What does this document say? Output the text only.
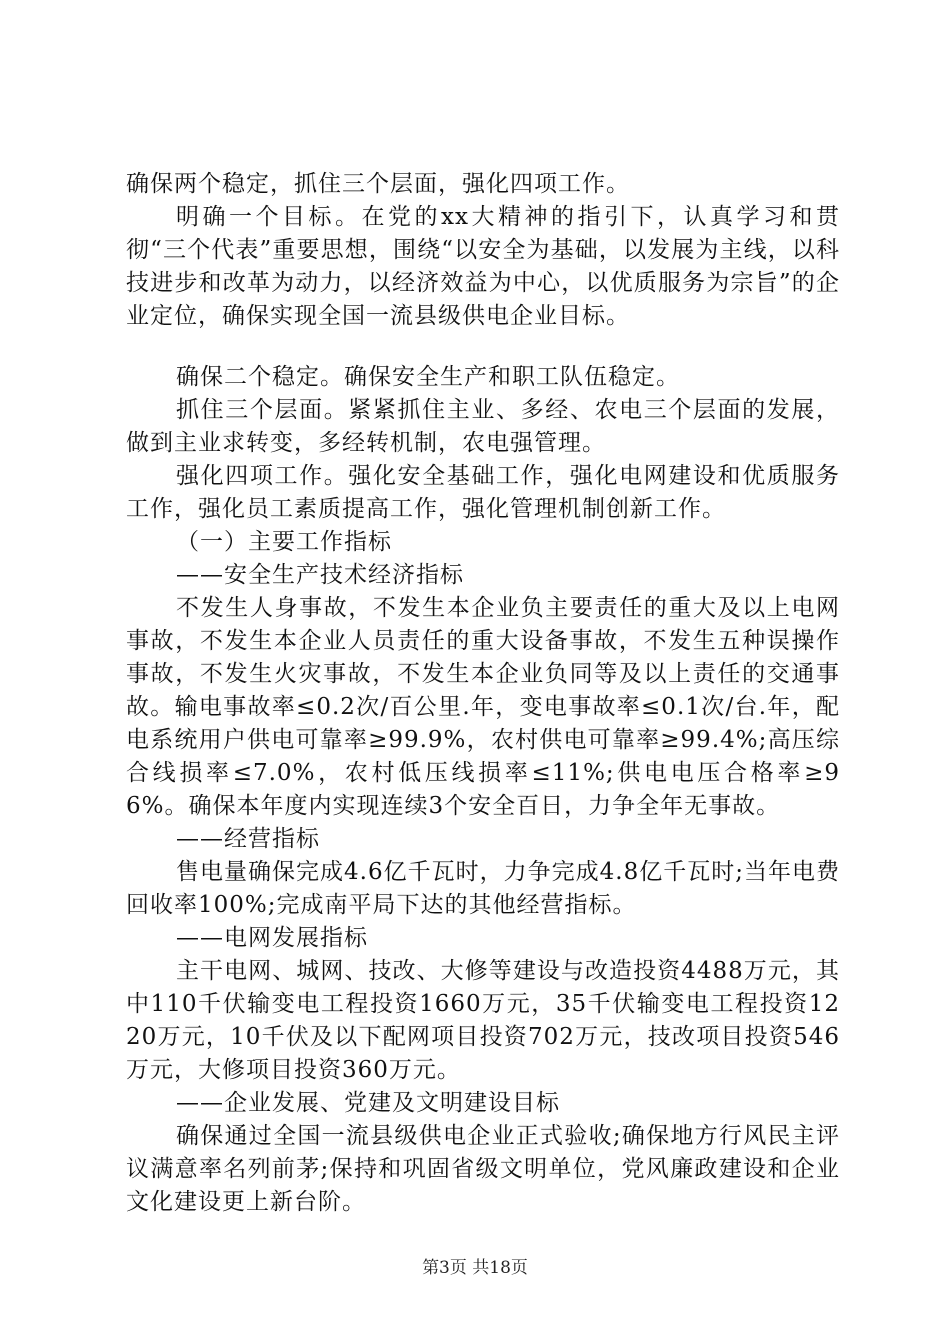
确保两个稳定，抓住三个层面，强化四项工作。

明确一个目标。在党的xx大精神的指引下，认真学习和贯彻“三个代表”重要思想，围绕“以安全为基础，以发展为主线，以科技进步和改革为动力，以经济效益为中心，以优质服务为宗旨”的企业定位，确保实现全国一流县级供电企业目标。

确保二个稳定。确保安全生产和职工队伍稳定。

抓住三个层面。紧紧抓住主业、多经、农电三个层面的发展，做到主业求转变，多经转机制，农电强管理。

强化四项工作。强化安全基础工作，强化电网建设和优质服务工作，强化员工素质提高工作，强化管理机制创新工作。

（一）主要工作指标

——安全生产技术经济指标

不发生人身事故，不发生本企业负主要责任的重大及以上电网事故，不发生本企业人员责任的重大设备事故，不发生五种误操作事故，不发生火灾事故，不发生本企业负同等及以上责任的交通事故。输电事故率≤0.2次/百公里.年，变电事故率≤0.1次/台.年，配电系统用户供电可靠率≥99.9%，农村供电可靠率≥99.4%;高压综合线损率≤7.0%，农村低压线损率≤11%;供电电压合格率≥96%。确保本年度内实现连续3个安全百日，力争全年无事故。

——经营指标

售电量确保完成4.6亿千瓦时，力争完成4.8亿千瓦时;当年电费回收率100%;完成南平局下达的其他经营指标。

——电网发展指标

主干电网、城网、技改、大修等建设与改造投资4488万元，其中110千伏输变电工程投资1660万元，35千伏输变电工程投资1220万元，10千伏及以下配网项目投资702万元，技改项目投资546万元，大修项目投资360万元。

——企业发展、党建及文明建设目标

确保通过全国一流县级供电企业正式验收;确保地方行风民主评议满意率名列前茅;保持和巩固省级文明单位，党风廉政建设和企业文化建设更上新台阶。

第3页 共18页
